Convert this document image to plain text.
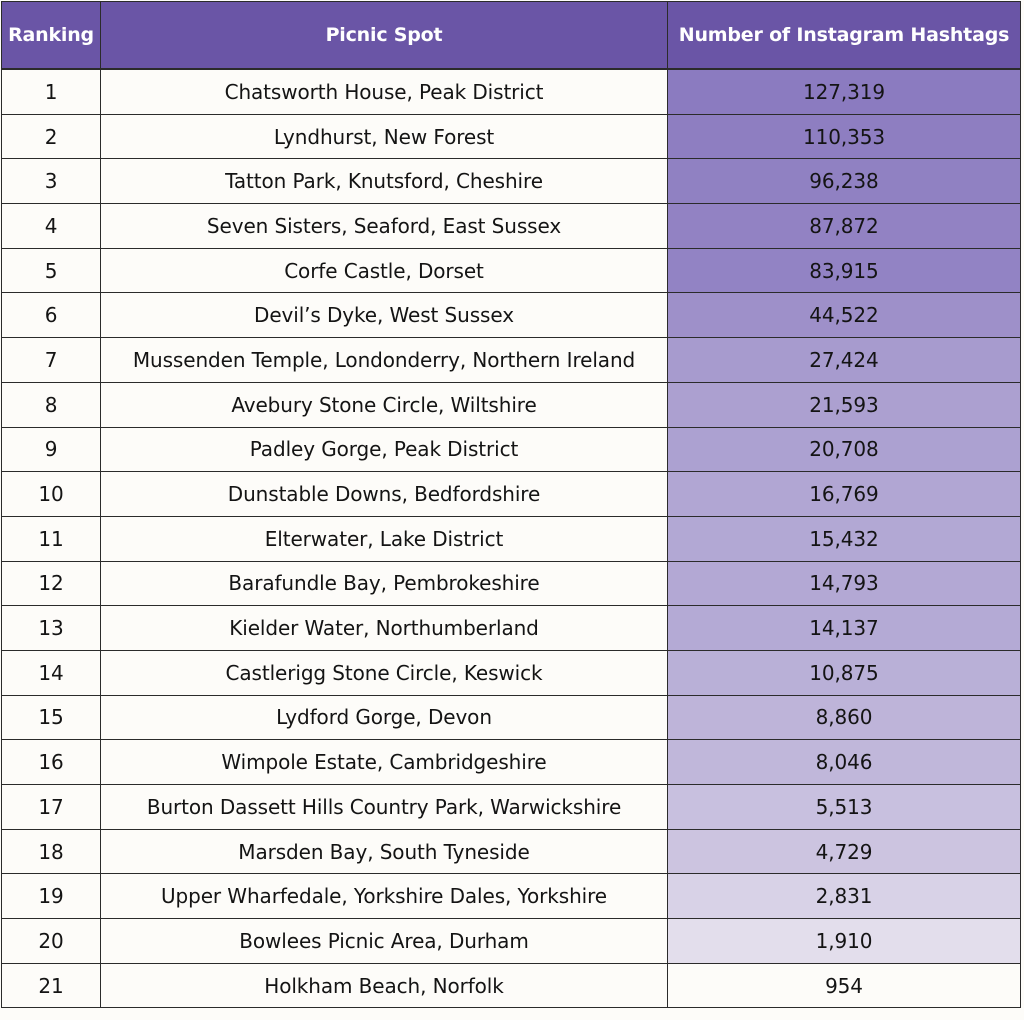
Ranking	Picnic Spot	Number of Instagram Hashtags
1	Chatsworth House, Peak District	127,319
2	Lyndhurst, New Forest	110,353
3	Tatton Park, Knutsford, Cheshire	96,238
4	Seven Sisters, Seaford, East Sussex	87,872
5	Corfe Castle, Dorset	83,915
6	Devil’s Dyke, West Sussex	44,522
7	Mussenden Temple, Londonderry, Northern Ireland	27,424
8	Avebury Stone Circle, Wiltshire	21,593
9	Padley Gorge, Peak District	20,708
10	Dunstable Downs, Bedfordshire	16,769
11	Elterwater, Lake District	15,432
12	Barafundle Bay, Pembrokeshire	14,793
13	Kielder Water, Northumberland	14,137
14	Castlerigg Stone Circle, Keswick	10,875
15	Lydford Gorge, Devon	8,860
16	Wimpole Estate, Cambridgeshire	8,046
17	Burton Dassett Hills Country Park, Warwickshire	5,513
18	Marsden Bay, South Tyneside	4,729
19	Upper Wharfedale, Yorkshire Dales, Yorkshire	2,831
20	Bowlees Picnic Area, Durham	1,910
21	Holkham Beach, Norfolk	954
